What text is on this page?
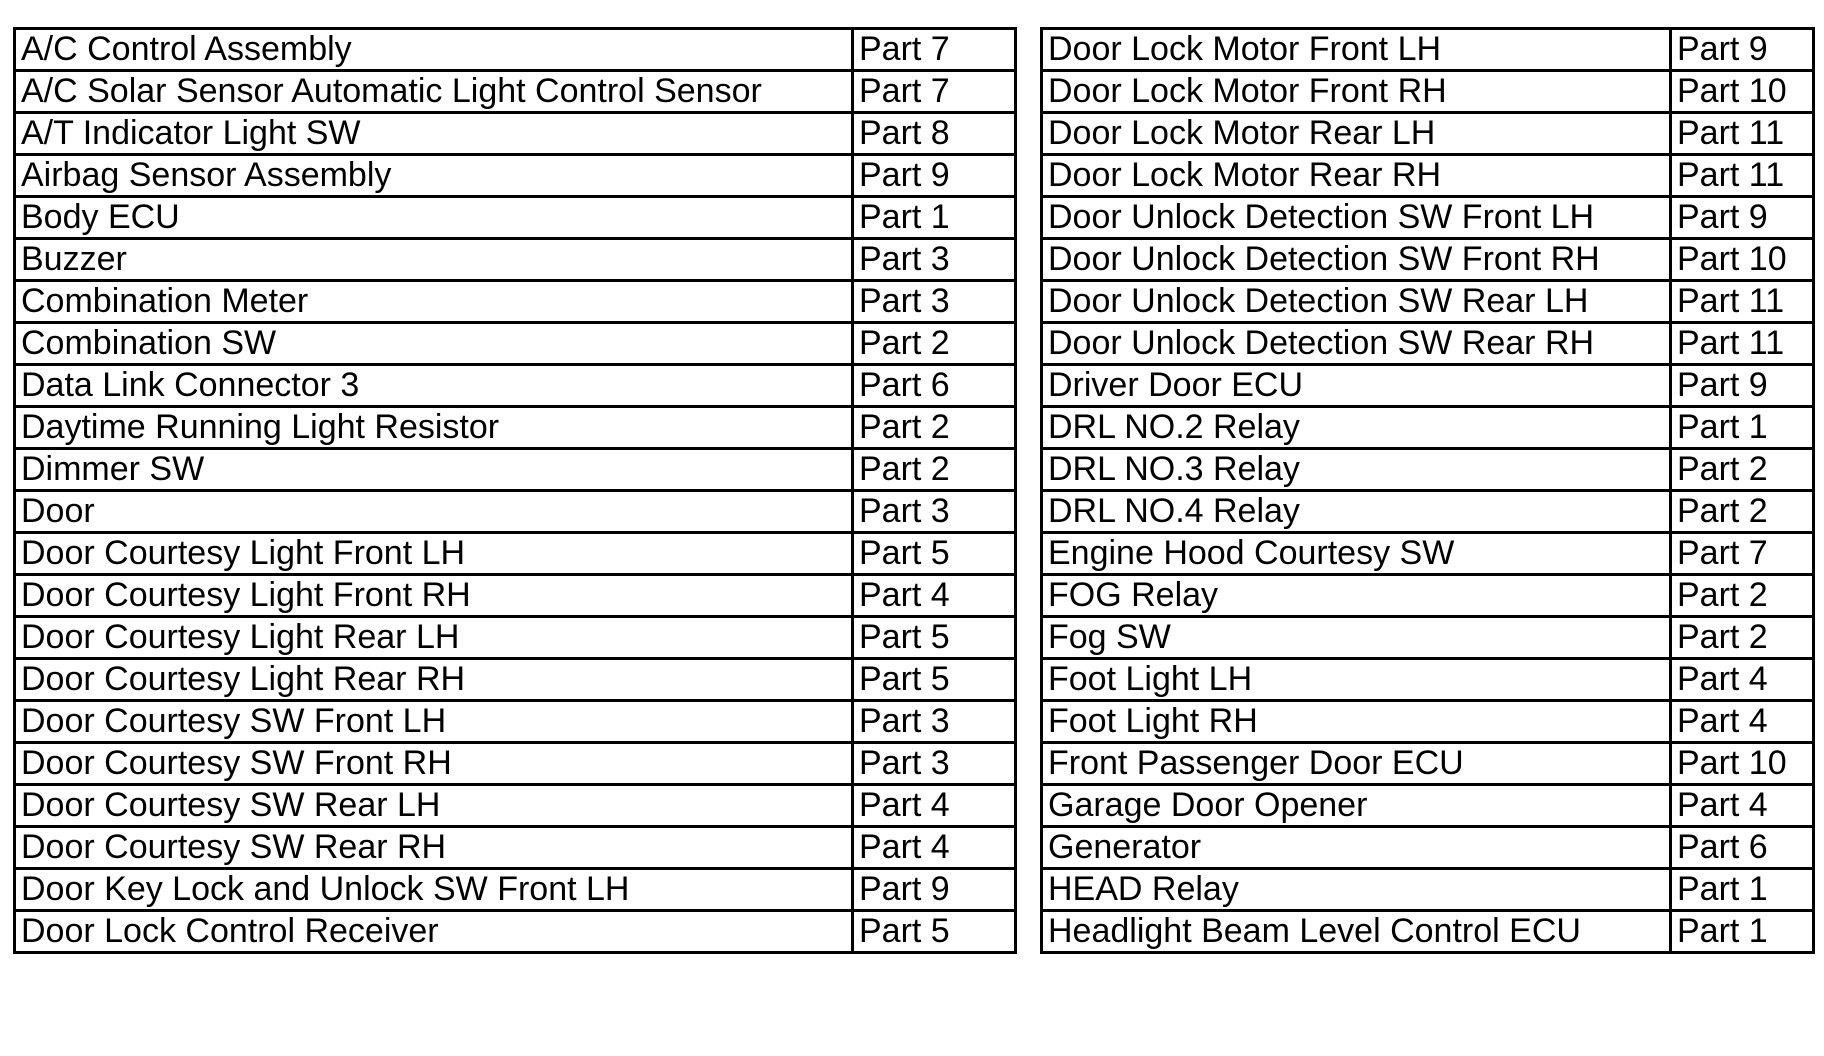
A/C Control Assembly	Part 7
A/C Solar Sensor Automatic Light Control Sensor	Part 7
A/T Indicator Light SW	Part 8
Airbag Sensor Assembly	Part 9
Body ECU	Part 1
Buzzer	Part 3
Combination Meter	Part 3
Combination SW	Part 2
Data Link Connector 3	Part 6
Daytime Running Light Resistor	Part 2
Dimmer SW	Part 2
Door	Part 3
Door Courtesy Light Front LH	Part 5
Door Courtesy Light Front RH	Part 4
Door Courtesy Light Rear LH	Part 5
Door Courtesy Light Rear RH	Part 5
Door Courtesy SW Front LH	Part 3
Door Courtesy SW Front RH	Part 3
Door Courtesy SW Rear LH	Part 4
Door Courtesy SW Rear RH	Part 4
Door Key Lock and Unlock SW Front LH	Part 9
Door Lock Control Receiver	Part 5
Door Lock Motor Front LH	Part 9
Door Lock Motor Front RH	Part 10
Door Lock Motor Rear LH	Part 11
Door Lock Motor Rear RH	Part 11
Door Unlock Detection SW Front LH	Part 9
Door Unlock Detection SW Front RH	Part 10
Door Unlock Detection SW Rear LH	Part 11
Door Unlock Detection SW Rear RH	Part 11
Driver Door ECU	Part 9
DRL NO.2 Relay	Part 1
DRL NO.3 Relay	Part 2
DRL NO.4 Relay	Part 2
Engine Hood Courtesy SW	Part 7
FOG Relay	Part 2
Fog SW	Part 2
Foot Light LH	Part 4
Foot Light RH	Part 4
Front Passenger Door ECU	Part 10
Garage Door Opener	Part 4
Generator	Part 6
HEAD Relay	Part 1
Headlight Beam Level Control ECU	Part 1
